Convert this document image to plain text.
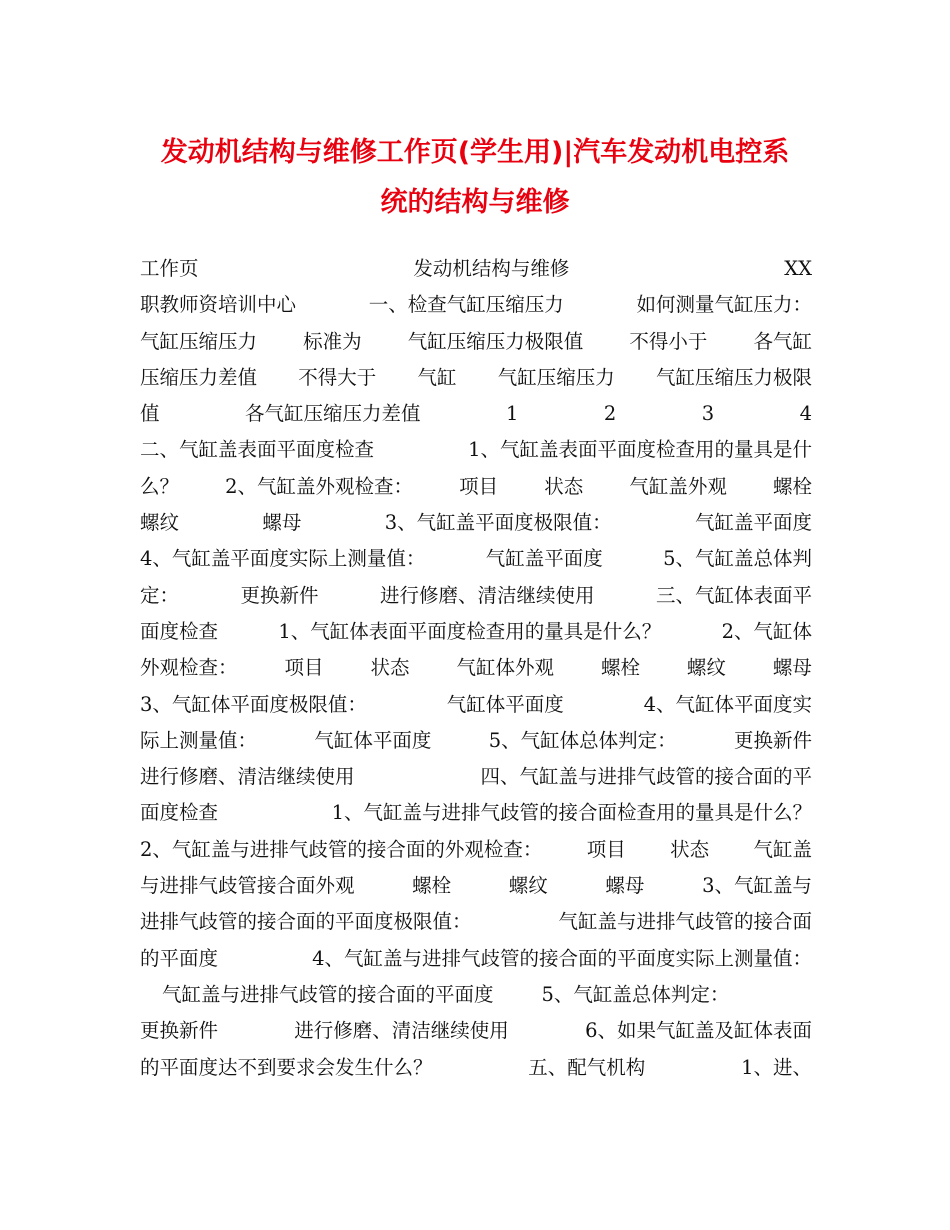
发动机结构与维修工作页(学生用)|汽车发动机电控系
统的结构与维修
工作页	发动机结构与维修	XX
职教师资培训中心	一、检查气缸压缩压力	如何测量气缸压力：
气缸压缩压力 标准为 气缸压缩压力极限值 不得小于 各气缸
压缩压力差值 不得大于 气缸 气缸压缩压力 气缸压缩压力极限
值	各气缸压缩压力差值	1	2	3	4
二、气缸盖表面平面度检查	1、气缸盖表面平面度检查用的量具是什
么？ 2、气缸盖外观检查： 项目 状态 气缸盖外观 螺栓
螺纹	螺母	3、气缸盖平面度极限值：	气缸盖平面度
4、气缸盖平面度实际上测量值：	气缸盖平面度	5、气缸盖总体判
定：	更换新件	进行修磨、清洁继续使用	三、气缸体表面平
面度检查	1、气缸体表面平面度检查用的量具是什么？	2、气缸体
外观检查： 项目 状态 气缸体外观 螺栓 螺纹 螺母
3、气缸体平面度极限值：	气缸体平面度	4、气缸体平面度实
际上测量值：	气缸体平面度	5、气缸体总体判定：	更换新件
进行修磨、清洁继续使用	四、气缸盖与进排气歧管的接合面的平
面度检查	1、气缸盖与进排气歧管的接合面检查用的量具是什么？
2、气缸盖与进排气歧管的接合面的外观检查： 项目 状态 气缸盖
与进排气歧管接合面外观	螺栓	螺纹	螺母	3、气缸盖与
进排气歧管的接合面的平面度极限值：	气缸盖与进排气歧管的接合面
的平面度	4、气缸盖与进排气歧管的接合面的平面度实际上测量值：
气缸盖与进排气歧管的接合面的平面度 5、气缸盖总体判定：
更换新件	进行修磨、清洁继续使用	6、如果气缸盖及缸体表面
的平面度达不到要求会发生什么？	五、配气机构	1、进、
